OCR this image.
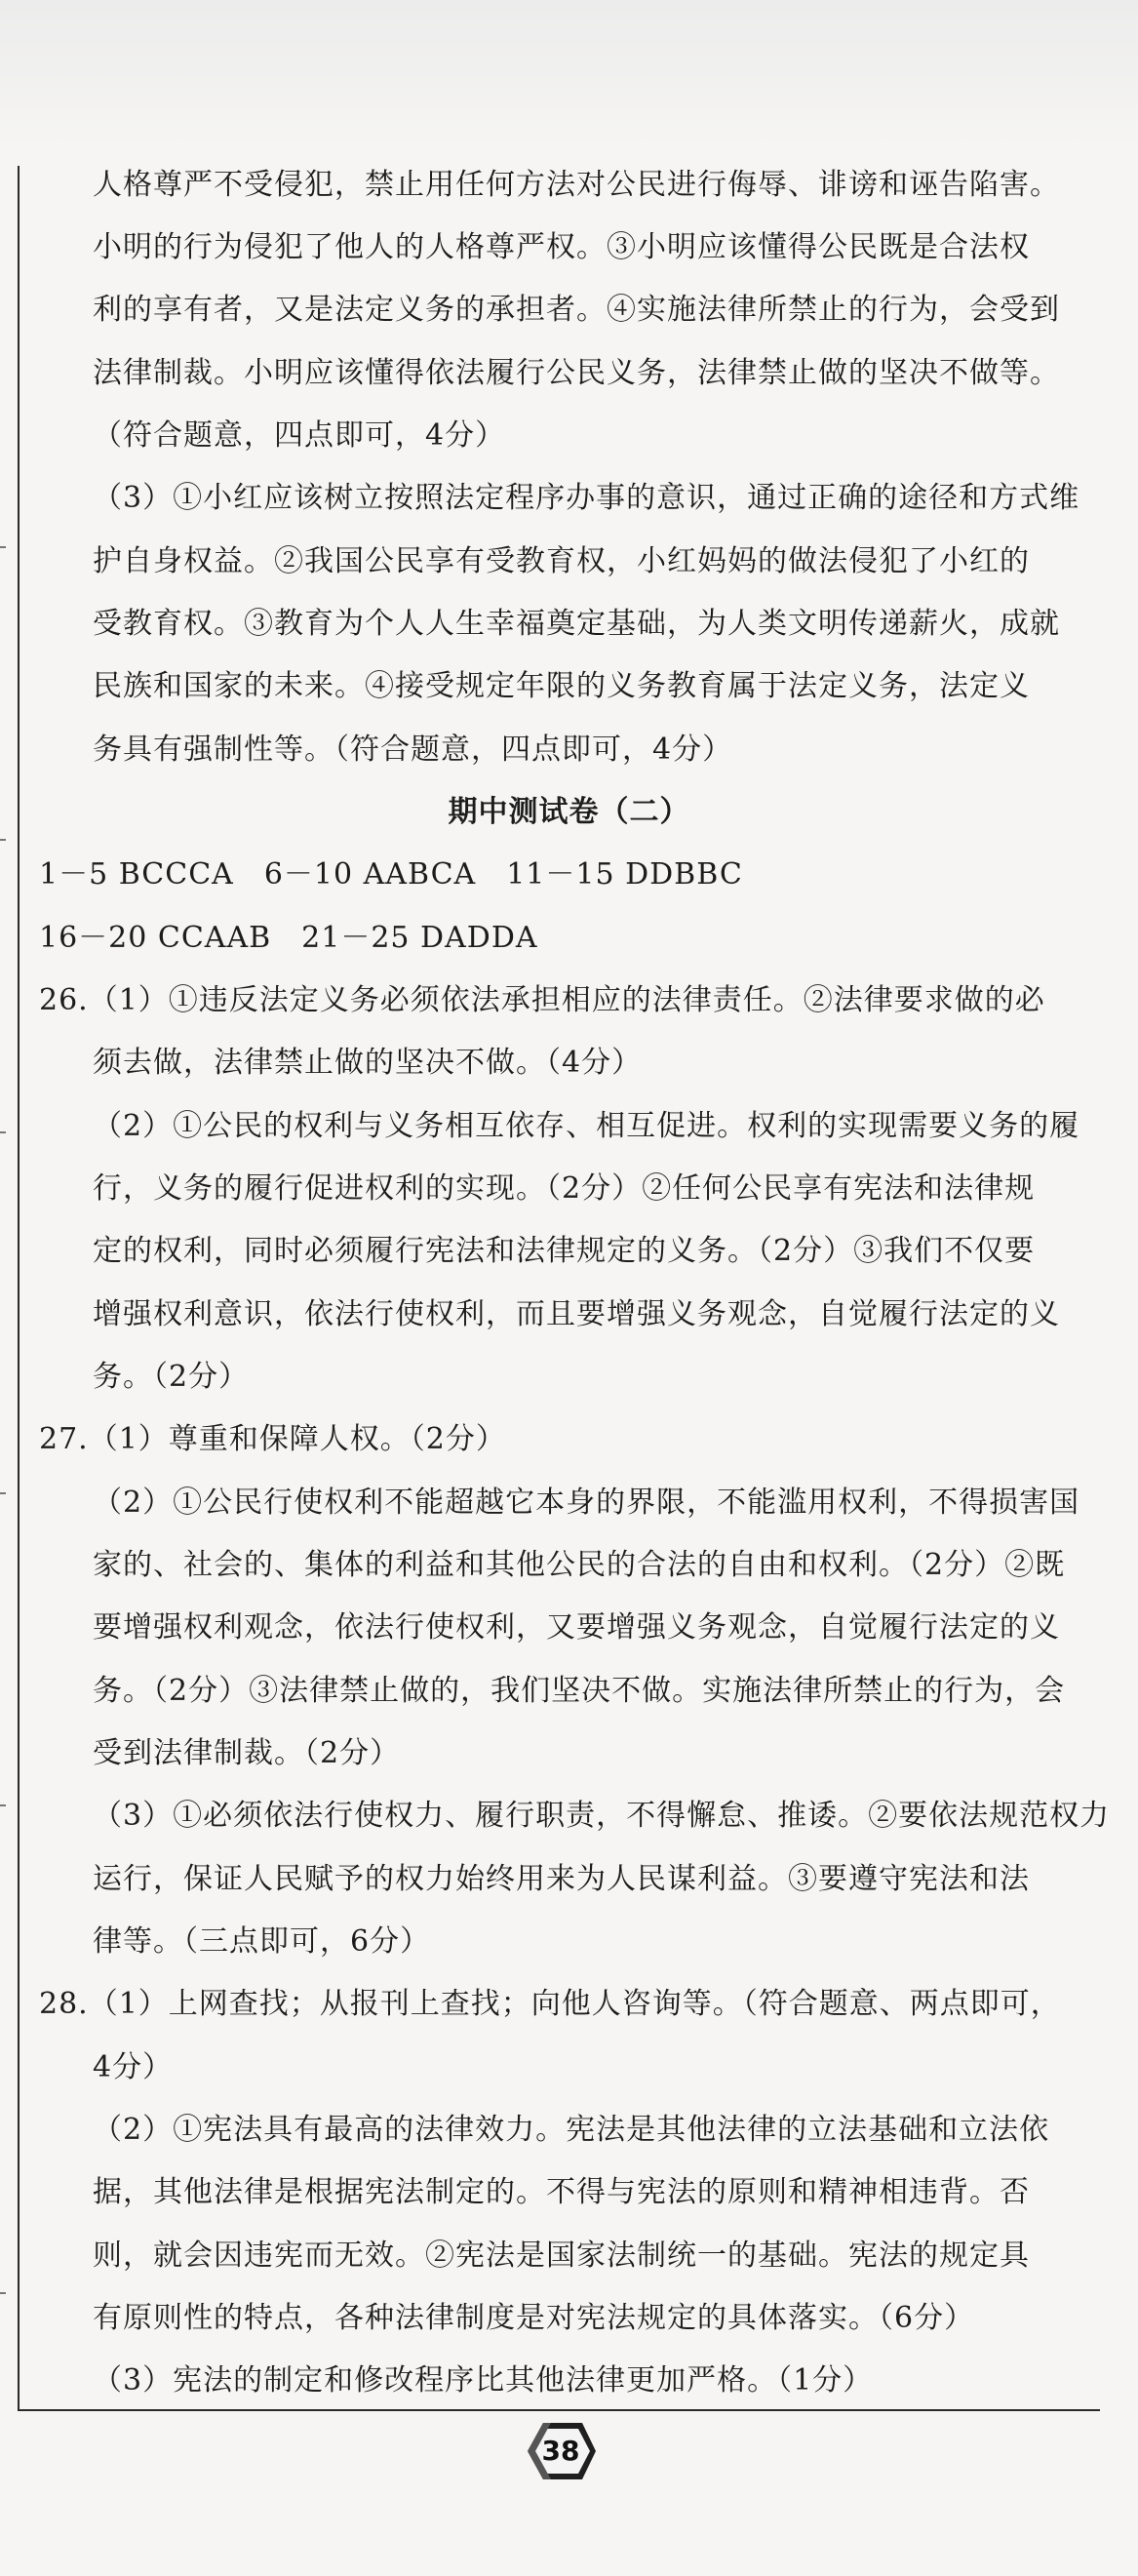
人格尊严不受侵犯，禁止用任何方法对公民进行侮辱、诽谤和诬告陷害。
小明的行为侵犯了他人的人格尊严权。③小明应该懂得公民既是合法权
利的享有者，又是法定义务的承担者。④实施法律所禁止的行为，会受到
法律制裁。小明应该懂得依法履行公民义务，法律禁止做的坚决不做等。
（符合题意，四点即可，4分）
（3）①小红应该树立按照法定程序办事的意识，通过正确的途径和方式维
护自身权益。②我国公民享有受教育权，小红妈妈的做法侵犯了小红的
受教育权。③教育为个人人生幸福奠定基础，为人类文明传递薪火，成就
民族和国家的未来。④接受规定年限的义务教育属于法定义务，法定义
务具有强制性等。（符合题意，四点即可，4分）
期中测试卷（二）
1－5 BCCCA　6－10 AABCA　11－15 DDBBC
16－20 CCAAB　21－25 DADDA
26.（1）①违反法定义务必须依法承担相应的法律责任。②法律要求做的必
须去做，法律禁止做的坚决不做。（4分）
（2）①公民的权利与义务相互依存、相互促进。权利的实现需要义务的履
行，义务的履行促进权利的实现。（2分）②任何公民享有宪法和法律规
定的权利，同时必须履行宪法和法律规定的义务。（2分）③我们不仅要
增强权利意识，依法行使权利，而且要增强义务观念，自觉履行法定的义
务。（2分）
27.（1）尊重和保障人权。（2分）
（2）①公民行使权利不能超越它本身的界限，不能滥用权利，不得损害国
家的、社会的、集体的利益和其他公民的合法的自由和权利。（2分）②既
要增强权利观念，依法行使权利，又要增强义务观念，自觉履行法定的义
务。（2分）③法律禁止做的，我们坚决不做。实施法律所禁止的行为，会
受到法律制裁。（2分）
（3）①必须依法行使权力、履行职责，不得懈怠、推诿。②要依法规范权力
运行，保证人民赋予的权力始终用来为人民谋利益。③要遵守宪法和法
律等。（三点即可，6分）
28.（1）上网查找；从报刊上查找；向他人咨询等。（符合题意、两点即可，
4分）
（2）①宪法具有最高的法律效力。宪法是其他法律的立法基础和立法依
据，其他法律是根据宪法制定的。不得与宪法的原则和精神相违背。否
则，就会因违宪而无效。②宪法是国家法制统一的基础。宪法的规定具
有原则性的特点，各种法律制度是对宪法规定的具体落实。（6分）
（3）宪法的制定和修改程序比其他法律更加严格。（1分）
38
